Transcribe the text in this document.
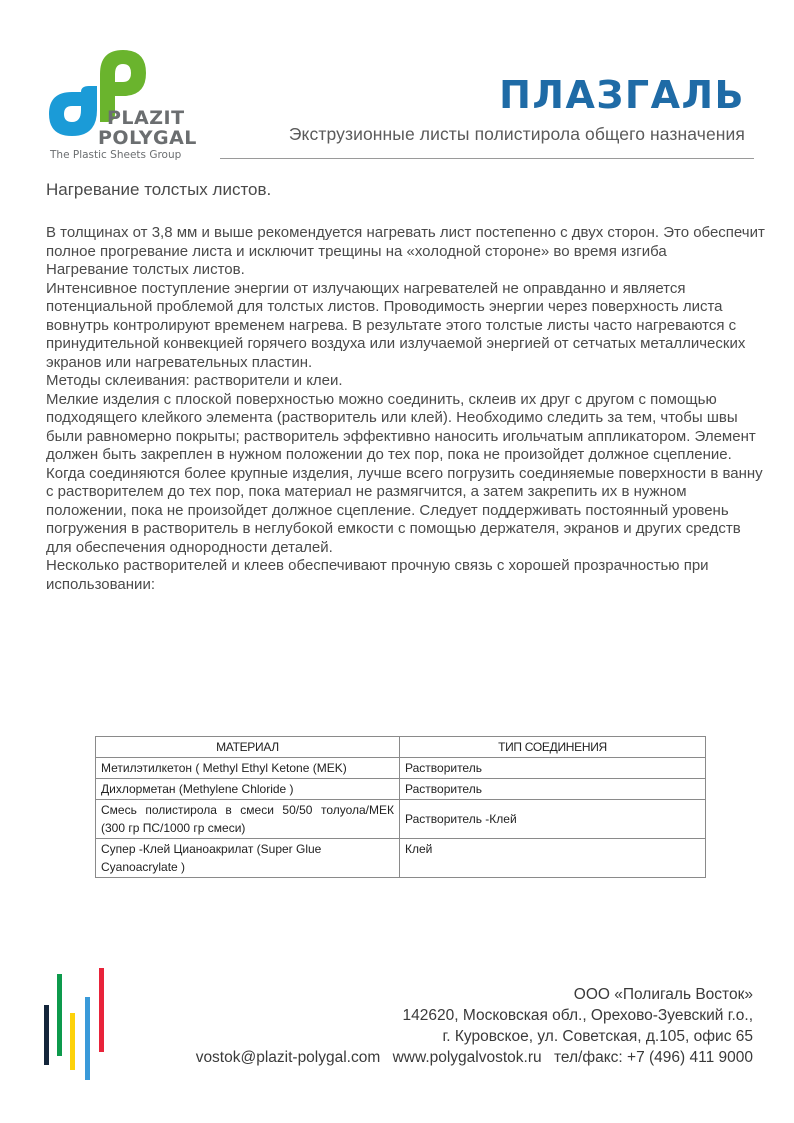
PLAZIT
POLYGAL
The Plastic Sheets Group
ПЛАЗГАЛЬ
Экструзионные листы полистирола общего назначения
Нагревание толстых листов.

В толщинах от 3,8 мм и выше рекомендуется нагревать лист постепенно с двух сторон. Это обеспечит полное прогревание листа и исключит трещины на «холодной стороне» во время изгиба

Нагревание толстых листов.

Интенсивное поступление энергии от излучающих нагревателей не оправданно и является потенциальной проблемой для толстых листов. Проводимость энергии через поверхность листа вовнутрь контролируют временем нагрева. В результате этого толстые листы часто нагреваются с принудительной конвекцией горячего воздуха или излучаемой энергией от сетчатых металлических экранов или нагревательных пластин.

Методы склеивания: растворители и клеи.

Мелкие изделия с плоской поверхностью можно соединить, склеив их друг с другом с помощью подходящего клейкого элемента (растворитель или клей). Необходимо следить за тем, чтобы швы были равномерно покрыты; растворитель эффективно наносить игольчатым аппликатором. Элемент должен быть закреплен в нужном положении до тех пор, пока не произойдет должное сцепление.

Когда соединяются более крупные изделия, лучше всего погрузить соединяемые поверхности в ванну с растворителем до тех пор, пока материал не размягчится, а затем закрепить их в нужном положении, пока не произойдет должное сцепление. Следует поддерживать постоянный уровень погружения в растворитель в неглубокой емкости с помощью держателя, экранов и других средств для обеспечения однородности деталей.

Несколько растворителей и клеев обеспечивают прочную связь с хорошей прозрачностью при использовании:

МАТЕРИАЛ	ТИП СОЕДИНЕНИЯ
Метилэтилкетон ( Methyl Ethyl Ketone (MEK)	Растворитель
Дихлорметан (Methylene Chloride )	Растворитель
Смесь полистирола в смеси 50/50 толуола/МЕК (300 гр ПС/1000 гр смеси)	Растворитель -Клей
Супер -Клей Цианоакрилат (Super Glue Cyanoacrylate )	Клей
ООО «Полигаль Восток»
142620, Московская обл., Орехово-Зуевский г.о.,
г. Куровское, ул. Советская, д.105, офис 65
vostok@plazit-polygal.com www.polygalvostok.ru тел/факс: +7 (496) 411 9000
